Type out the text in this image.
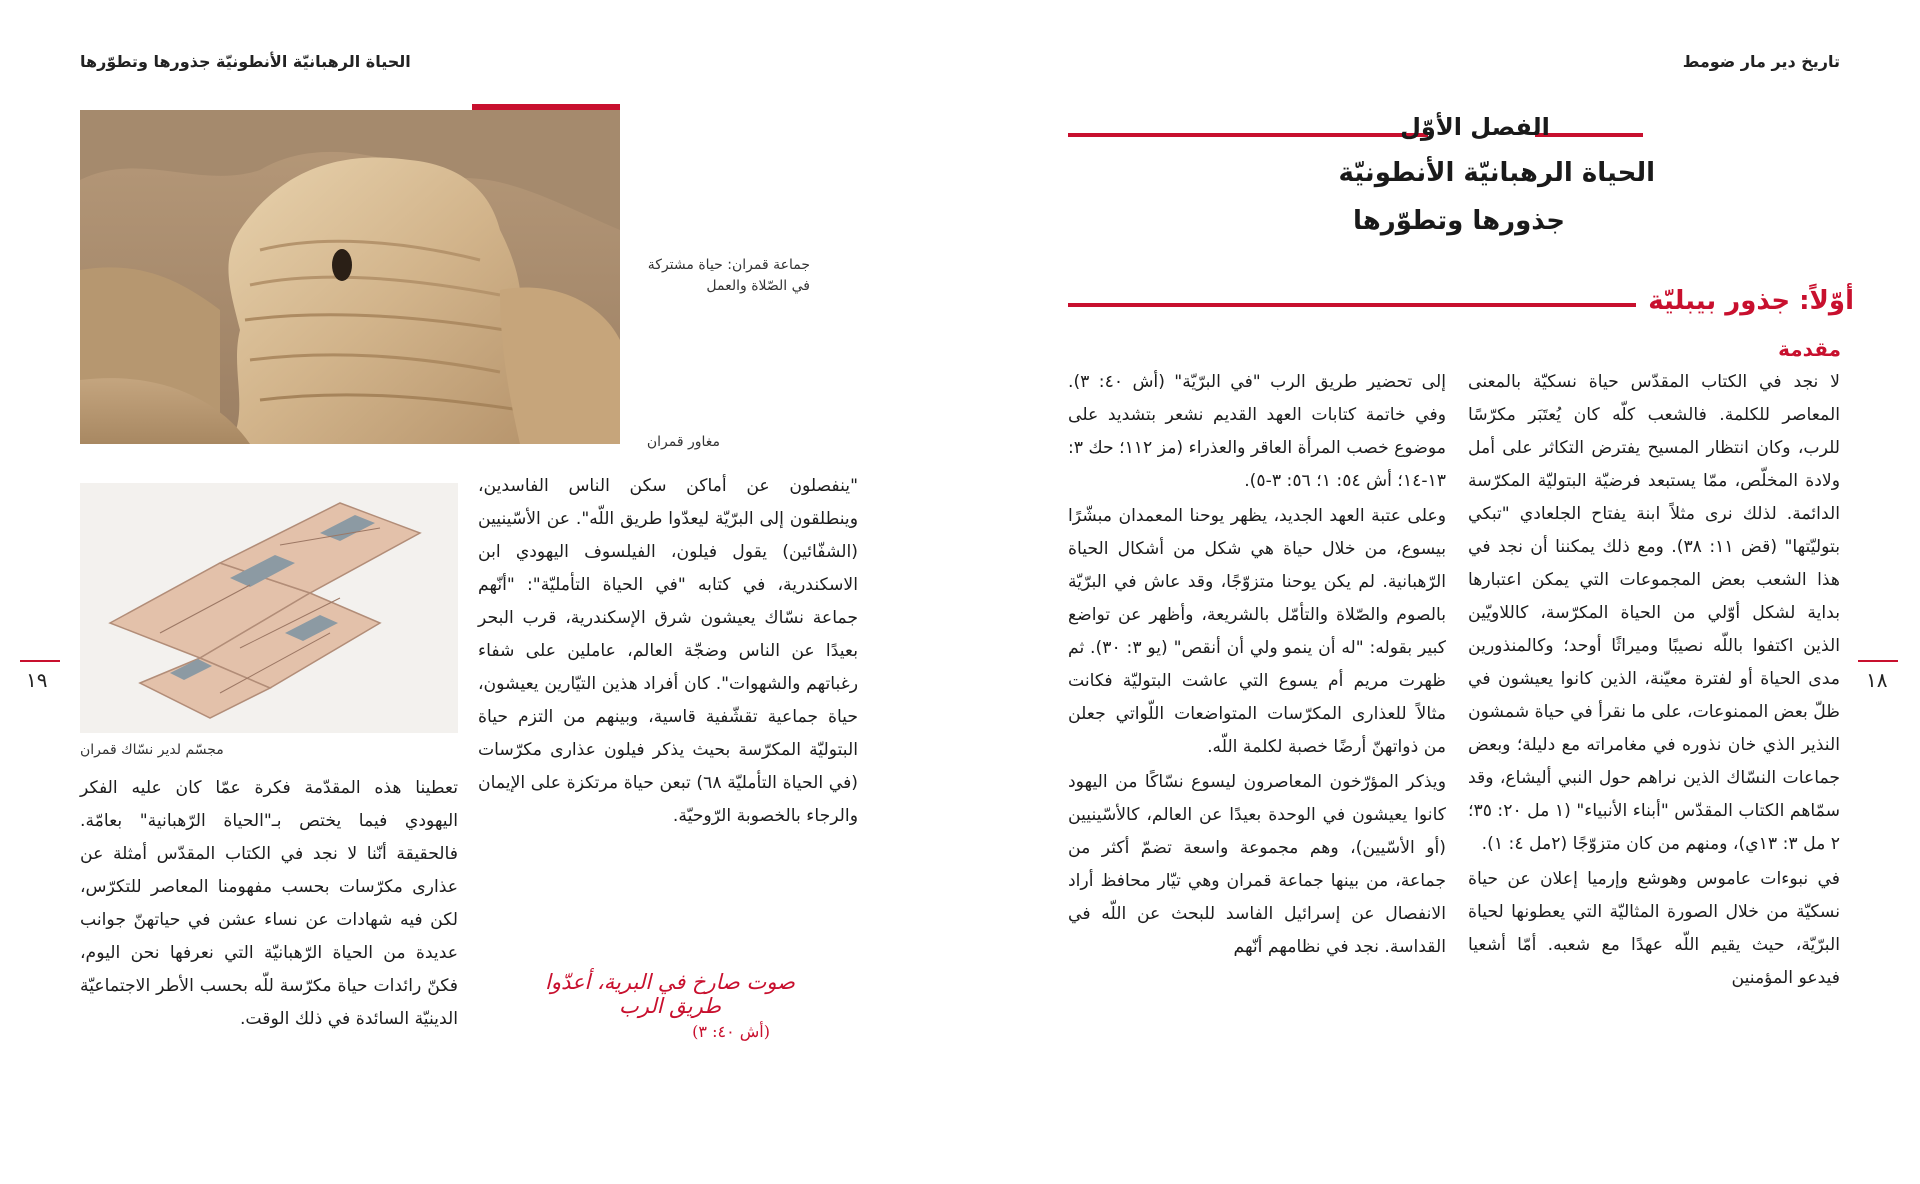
الحياة الرهبانيّة الأنطونيّة جذورها وتطوّرها
جماعة قمران: حياة مشتركة في الصّلاة والعمل
مغاور قمران
مجسّم لدير نسّاك قمران

تعطينا هذه المقدّمة فكرة عمّا كان عليه الفكر اليهودي فيما يختص بـ"الحياة الرّهبانية" بعامّة. فالحقيقة أنّنا لا نجد في الكتاب المقدّس أمثلة عن عذارى مكرّسات بحسب مفهومنا المعاصر للتكرّس، لكن فيه شهادات عن نساء عشن في حياتهنّ جوانب عديدة من الحياة الرّهبانيّة التي نعرفها نحن اليوم، فكنّ رائدات حياة مكرّسة للّه بحسب الأطر الاجتماعيّة الدينيّة السائدة في ذلك الوقت.

"ينفصلون عن أماكن سكن الناس الفاسدين، وينطلقون إلى البرّيّة ليعدّوا طريق اللّه". عن الأسّينيين (الشفّائين) يقول فيلون، الفيلسوف اليهودي ابن الاسكندرية، في كتابه "في الحياة التأمليّة": "أنّهم جماعة نسّاك يعيشون شرق الإسكندرية، قرب البحر بعيدًا عن الناس وضجّة العالم، عاملين على شفاء رغباتهم والشهوات". كان أفراد هذين التيّارين يعيشون، حياة جماعية تقشّفية قاسية، وبينهم من التزم حياة البتوليّة المكرّسة بحيث يذكر فيلون عذارى مكرّسات (في الحياة التأمليّة ٦٨) تبعن حياة مرتكزة على الإيمان والرجاء بالخصوبة الرّوحيّة.

صوت صارخ في البرية، أعدّوا طريق الرب
(أش ٤٠: ٣)
١٩
تاريخ دير مار ضومط
الفصل الأوّل
الحياة الرهبانيّة الأنطونيّة
جذورها وتطوّرها
أوّلاً: جذور بيبليّة
مقدمة

لا نجد في الكتاب المقدّس حياة نسكيّة بالمعنى المعاصر للكلمة. فالشعب كلّه كان يُعتَبَر مكرّسًا للرب، وكان انتظار المسيح يفترض التكاثر على أمل ولادة المخلّص، ممّا يستبعد فرضيّة البتوليّة المكرّسة الدائمة. لذلك نرى مثلاً ابنة يفتاح الجلعادي "تبكي بتوليّتها" (قض ١١: ٣٨). ومع ذلك يمكننا أن نجد في هذا الشعب بعض المجموعات التي يمكن اعتبارها بداية لشكل أوّلي من الحياة المكرّسة، كاللاويّين الذين اكتفوا باللّه نصيبًا وميراثًا أوحد؛ وكالمنذورين مدى الحياة أو لفترة معيّنة، الذين كانوا يعيشون في ظلّ بعض الممنوعات، على ما نقرأ في حياة شمشون النذير الذي خان نذوره في مغامراته مع دليلة؛ وبعض جماعات النسّاك الذين نراهم حول النبي أليشاع، وقد سمّاهم الكتاب المقدّس "أبناء الأنبياء" (١ مل ٢٠: ٣٥؛ ٢ مل ٣: ١٣ي)، ومنهم من كان متزوّجًا (٢مل ٤: ١).

في نبوءات عاموس وهوشع وإرميا إعلان عن حياة نسكيّة من خلال الصورة المثاليّة التي يعطونها لحياة البرّيّة، حيث يقيم اللّه عهدًا مع شعبه. أمّا أشعيا فيدعو المؤمنين

إلى تحضير طريق الرب "في البرّيّة" (أش ٤٠: ٣). وفي خاتمة كتابات العهد القديم نشعر بتشديد على موضوع خصب المرأة العاقر والعذراء (مز ١١٢؛ حك ٣: ١٣-١٤؛ أش ٥٤: ١؛ ٥٦: ٣-٥).

وعلى عتبة العهد الجديد، يظهر يوحنا المعمدان مبشّرًا بيسوع، من خلال حياة هي شكل من أشكال الحياة الرّهبانية. لم يكن يوحنا متزوّجًا، وقد عاش في البرّيّة بالصوم والصّلاة والتأمّل بالشريعة، وأظهر عن تواضع كبير بقوله: "له أن ينمو ولي أن أنقص" (يو ٣: ٣٠). ثم ظهرت مريم أم يسوع التي عاشت البتوليّة فكانت مثالاً للعذارى المكرّسات المتواضعات اللّواتي جعلن من ذواتهنّ أرضًا خصبة لكلمة اللّه.

ويذكر المؤرّخون المعاصرون ليسوع نسّاكًا من اليهود كانوا يعيشون في الوحدة بعيدًا عن العالم، كالأسّينيين (أو الأسّيين)، وهم مجموعة واسعة تضمّ أكثر من جماعة، من بينها جماعة قمران وهي تيّار محافظ أراد الانفصال عن إسرائيل الفاسد للبحث عن اللّه في القداسة. نجد في نظامهم أنّهم

١٨
